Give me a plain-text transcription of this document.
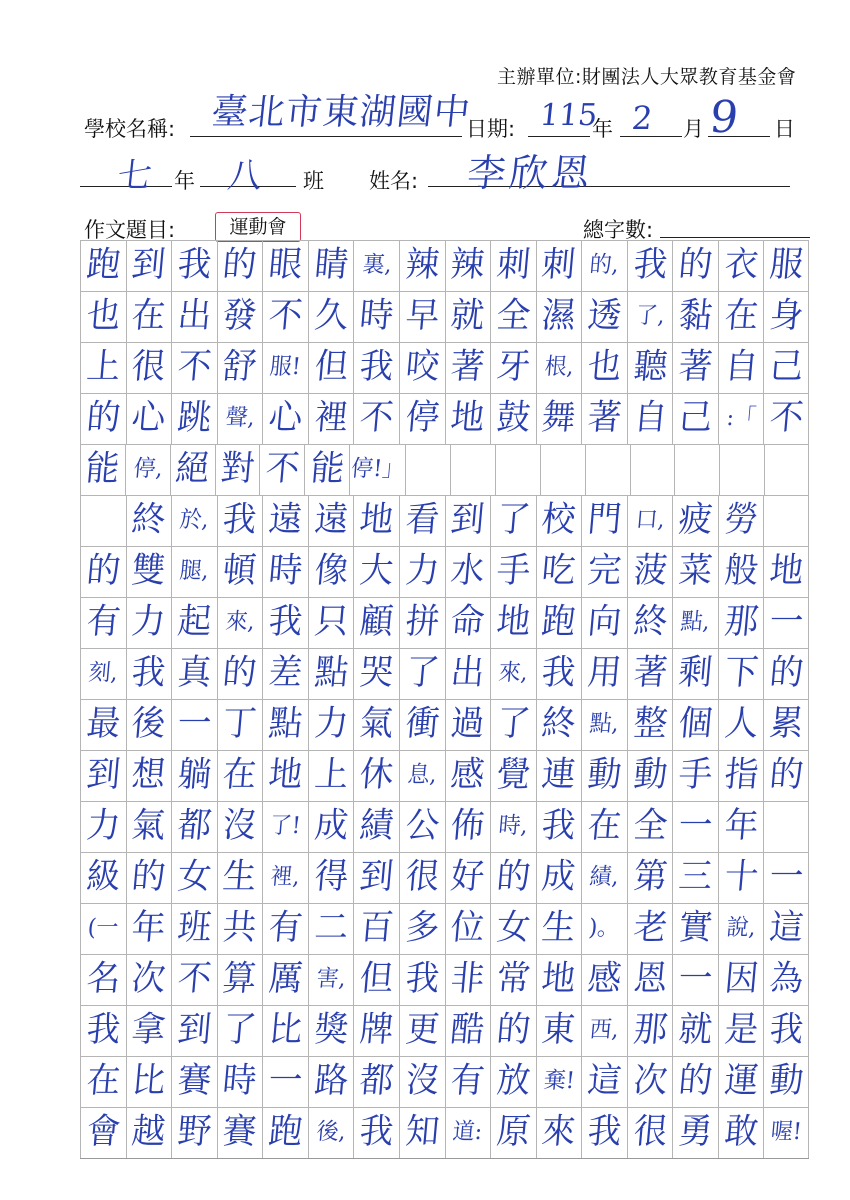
主辦單位:財團法人大眾教育基金會
學校名稱: 臺北市東湖國中
日期: 115
年 2 月 9 日
七 年 八 班 姓名: 李欣恩
作文題目:	運動會	總字數:
跑 到 我 的 眼 睛 裏, 辣 辣 刺 刺 的, 我 的 衣 服
也 在 出 發 不 久 時 早 就 全 濕 透 了, 黏 在 身
上 很 不 舒 服! 但 我 咬 著 牙 根, 也 聽 著 自 己
的 心 跳 聲, 心 裡 不 停 地 鼓 舞 著 自 己 :「 不
能 停, 絕 對 不 能 停!」
終 於, 我 遠 遠 地 看 到 了 校 門 口, 疲 勞
的 雙 腿, 頓 時 像 大 力 水 手 吃 完 菠 菜 般 地
有 力 起 來, 我 只 顧 拼 命 地 跑 向 終 點, 那 一
刻, 我 真 的 差 點 哭 了 出 來, 我 用 著 剩 下 的
最 後 一 丁 點 力 氣 衝 過 了 終 點, 整 個 人 累
到 想 躺 在 地 上 休 息, 感 覺 連 動 動 手 指 的
力 氣 都 沒 了! 成 績 公 佈 時, 我 在 全 一 年
級 的 女 生 裡, 得 到 很 好 的 成 績, 第 三 十 一
(一 年 班 共 有 二 百 多 位 女 生 )。 老 實 說, 這
名 次 不 算 厲 害, 但 我 非 常 地 感 恩 一 因 為
我 拿 到 了 比 獎 牌 更 酷 的 東 西, 那 就 是 我
在 比 賽 時 一 路 都 沒 有 放 棄! 這 次 的 運 動
會 越 野 賽 跑 後, 我 知 道: 原 來 我 很 勇 敢 喔!
